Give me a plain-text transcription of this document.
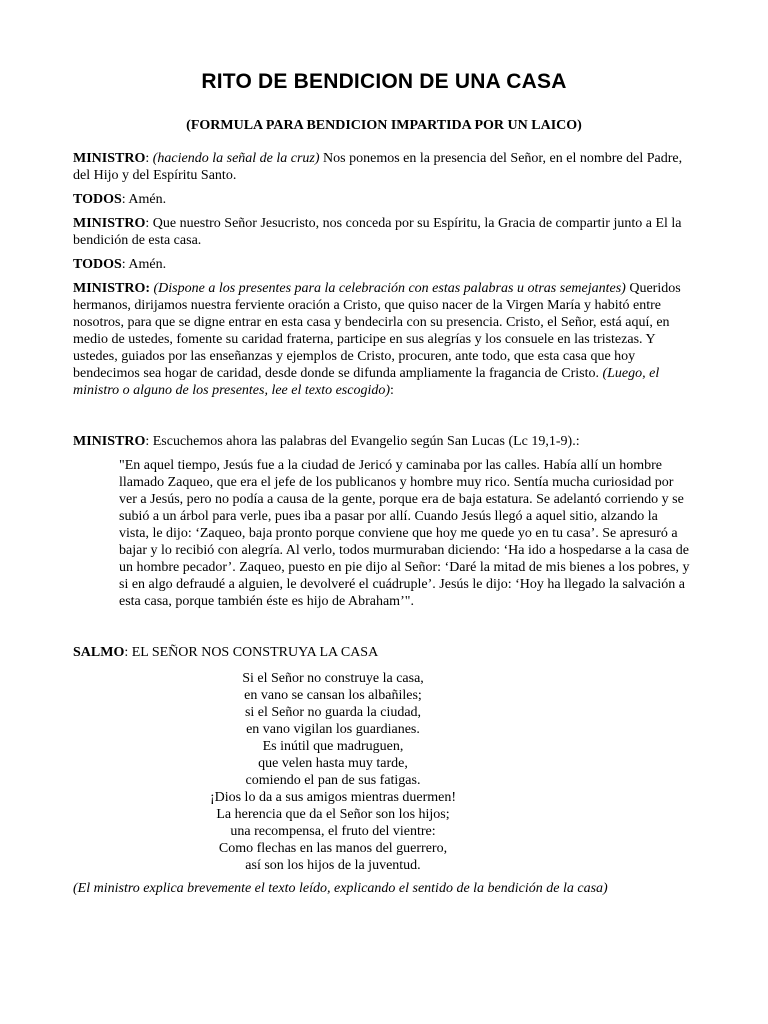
RITO DE BENDICION DE UNA CASA
(FORMULA PARA BENDICION IMPARTIDA POR UN LAICO)

MINISTRO: (haciendo la señal de la cruz) Nos ponemos en la presencia del Señor, en el nombre del Padre, del Hijo y del Espíritu Santo.

TODOS: Amén.

MINISTRO: Que nuestro Señor Jesucristo, nos conceda por su Espíritu, la Gracia de compartir junto a El la bendición de esta casa.

TODOS: Amén.

MINISTRO: (Dispone a los presentes para la celebración con estas palabras u otras semejantes) Queridos hermanos, dirijamos nuestra ferviente oración a Cristo, que quiso nacer de la Virgen María y habitó entre nosotros, para que se digne entrar en esta casa y bendecirla con su presencia. Cristo, el Señor, está aquí, en medio de ustedes, fomente su caridad fraterna, participe en sus alegrías y los consuele en las tristezas. Y ustedes, guiados por las enseñanzas y ejemplos de Cristo, procuren, ante todo, que esta casa que hoy bendecimos sea hogar de caridad, desde donde se difunda ampliamente la fragancia de Cristo. (Luego, el ministro o alguno de los presentes, lee el texto escogido):

MINISTRO: Escuchemos ahora las palabras del Evangelio según San Lucas (Lc 19,1-9).:

"En aquel tiempo, Jesús fue a la ciudad de Jericó y caminaba por las calles. Había allí un hombre llamado Zaqueo, que era el jefe de los publicanos y hombre muy rico. Sentía mucha curiosidad por ver a Jesús, pero no podía a causa de la gente, porque era de baja estatura. Se adelantó corriendo y se subió a un árbol para verle, pues iba a pasar por allí. Cuando Jesús llegó a aquel sitio, alzando la vista, le dijo: ‘Zaqueo, baja pronto porque conviene que hoy me quede yo en tu casa’. Se apresuró a bajar y lo recibió con alegría. Al verlo, todos murmuraban diciendo: ‘Ha ido a hospedarse a la casa de un hombre pecador’. Zaqueo, puesto en pie dijo al Señor: ‘Daré la mitad de mis bienes a los pobres, y si en algo defraudé a alguien, le devolveré el cuádruple’. Jesús le dijo: ‘Hoy ha llegado la salvación a esta casa, porque también éste es hijo de Abraham’".

SALMO: EL SEÑOR NOS CONSTRUYA LA CASA

Si el Señor no construye la casa,
en vano se cansan los albañiles;
si el Señor no guarda la ciudad,
en vano vigilan los guardianes.
Es inútil que madruguen,
que velen hasta muy tarde,
comiendo el pan de sus fatigas.
¡Dios lo da a sus amigos mientras duermen!
La herencia que da el Señor son los hijos;
una recompensa, el fruto del vientre:
Como flechas en las manos del guerrero,
así son los hijos de la juventud.

(El ministro explica brevemente el texto leído, explicando el sentido de la bendición de la casa)
